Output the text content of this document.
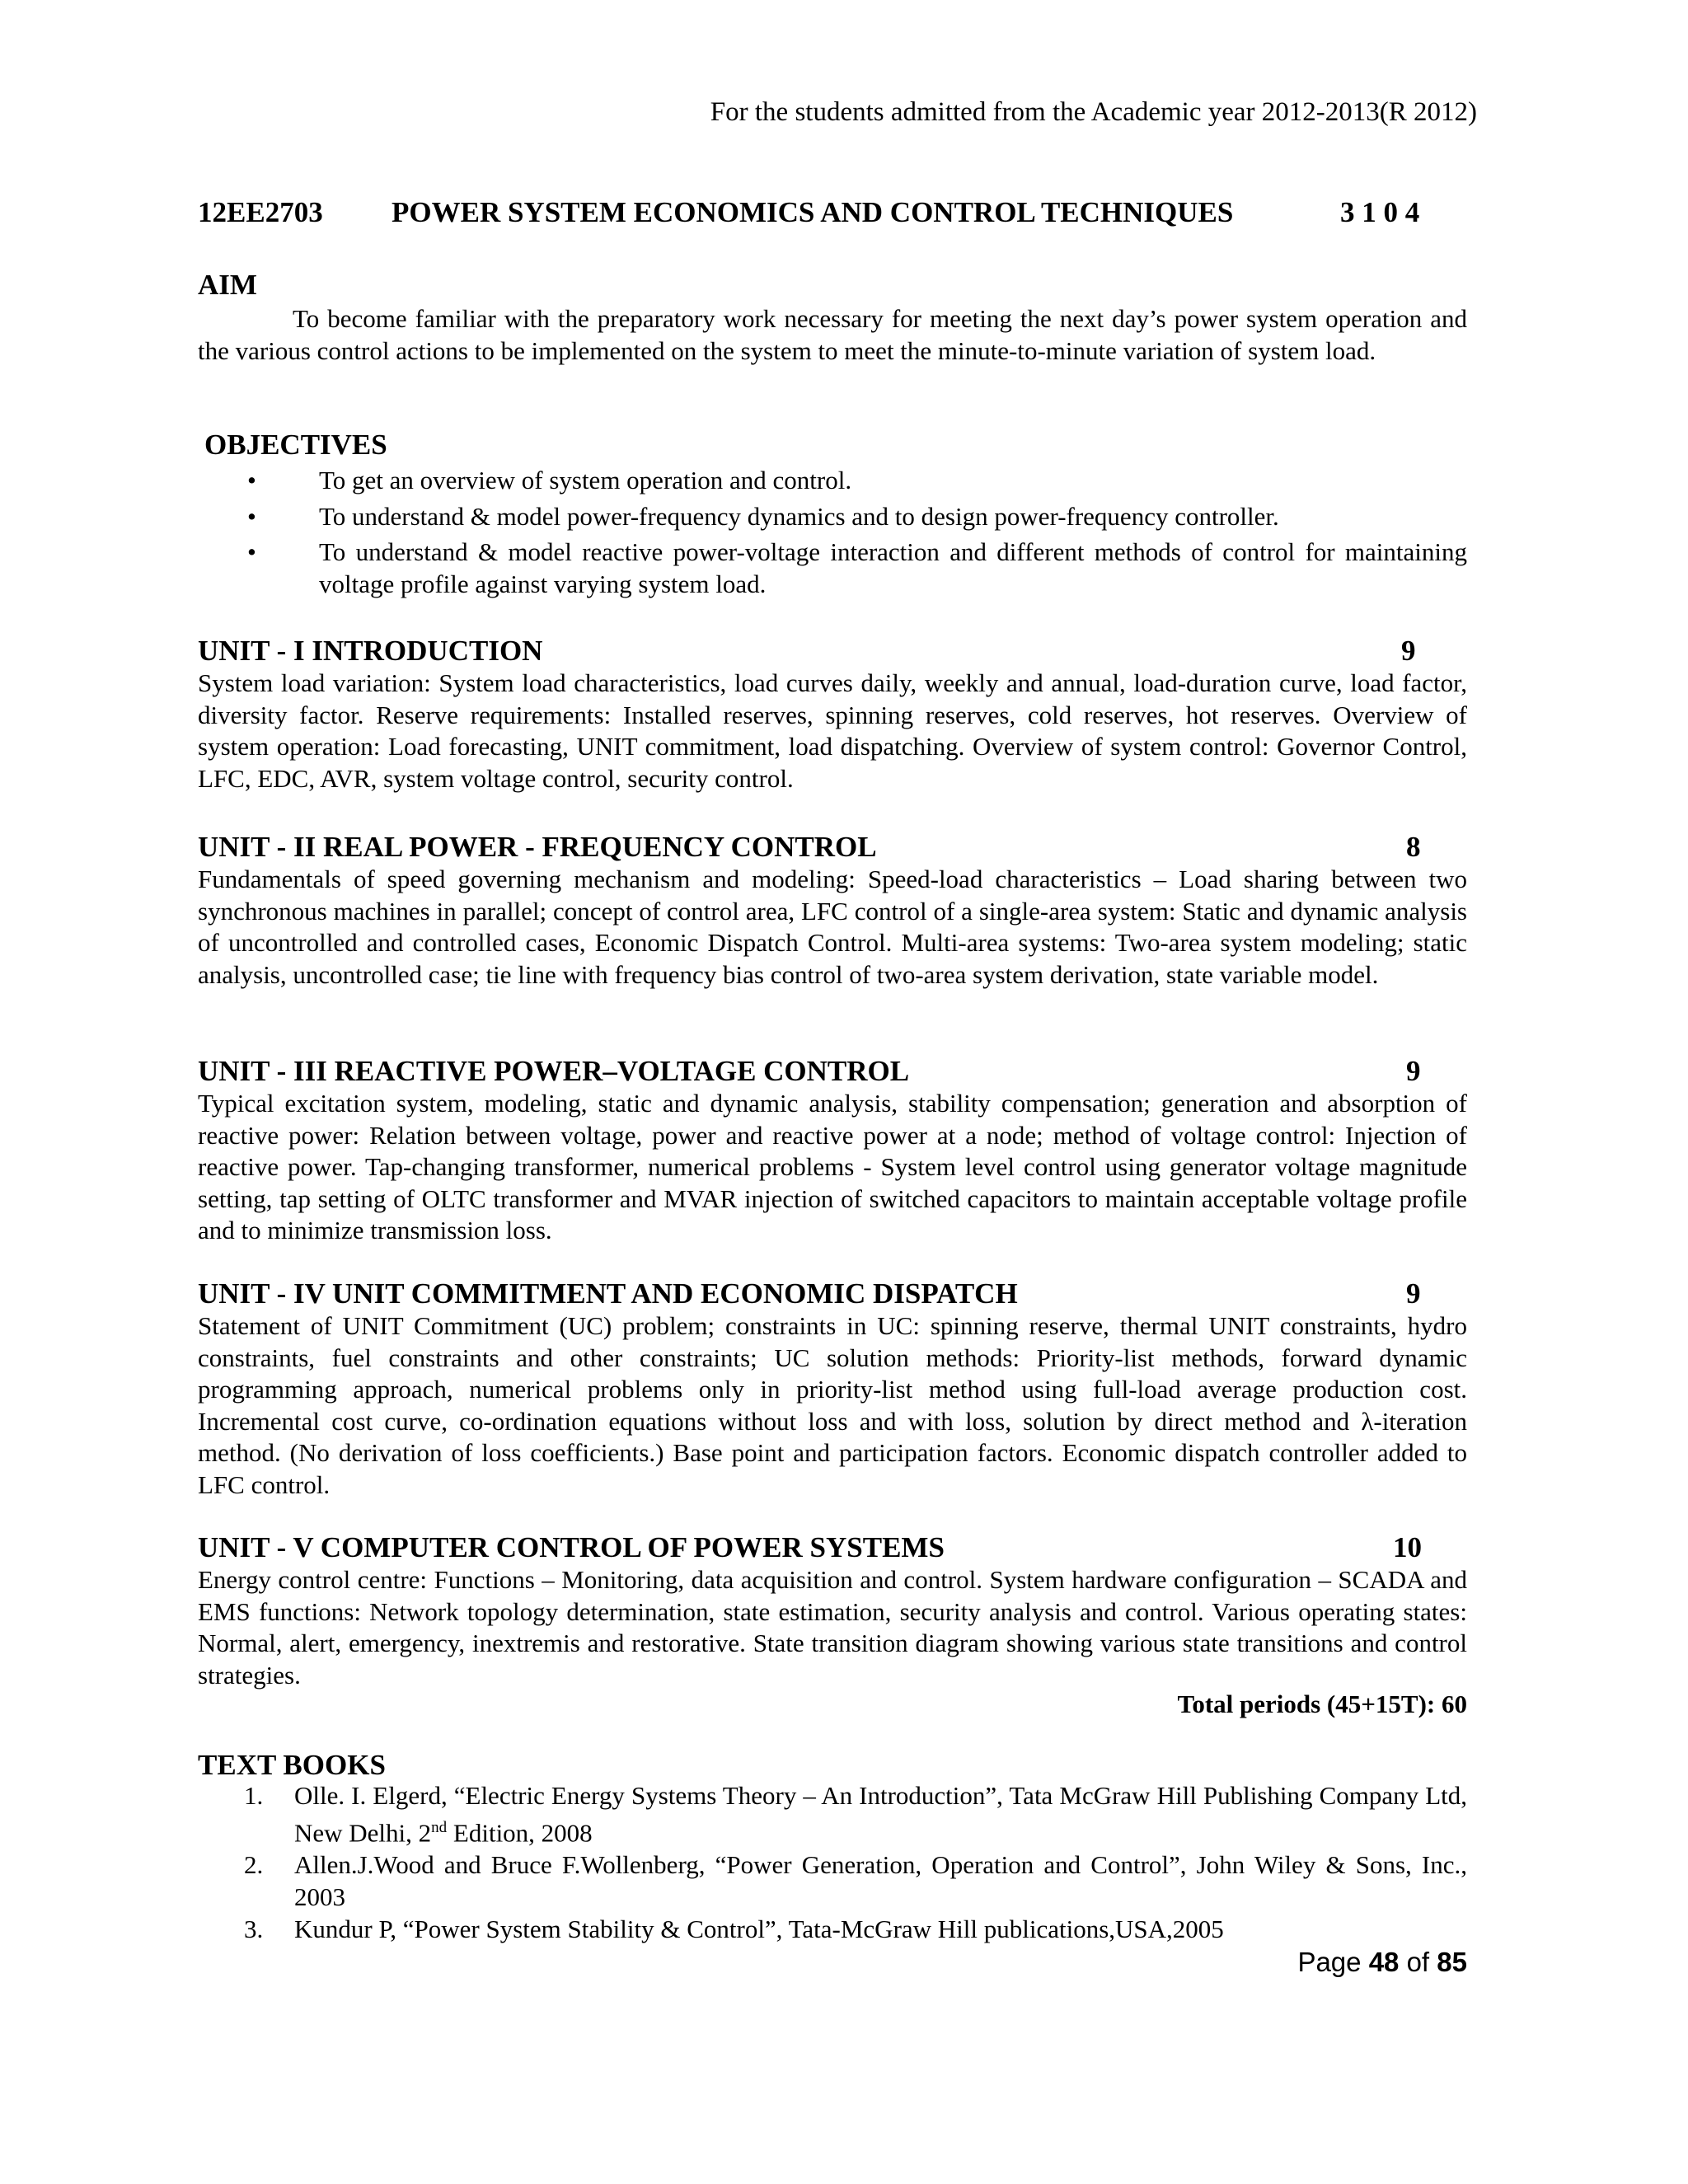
For the students admitted from the Academic year 2012-2013(R 2012)
12EE2703 POWER SYSTEM ECONOMICS AND CONTROL TECHNIQUES	3 1 0 4
AIM
To become familiar with the preparatory work necessary for meeting the next day’s power system operation and the various control actions to be implemented on the system to meet the minute-to-minute variation of system load.
OBJECTIVES
• To get an overview of system operation and control.
• To understand & model power-frequency dynamics and to design power-frequency controller.
• To understand & model reactive power-voltage interaction and different methods of control for maintaining voltage profile against varying system load.
UNIT - I INTRODUCTION	9
System load variation: System load characteristics, load curves daily, weekly and annual, load-duration curve, load factor, diversity factor. Reserve requirements: Installed reserves, spinning reserves, cold reserves, hot reserves. Overview of system operation: Load forecasting, UNIT commitment, load dispatching. Overview of system control: Governor Control, LFC, EDC, AVR, system voltage control, security control.
UNIT - II REAL POWER - FREQUENCY CONTROL	8
Fundamentals of speed governing mechanism and modeling: Speed-load characteristics – Load sharing between two synchronous machines in parallel; concept of control area, LFC control of a single-area system: Static and dynamic analysis of uncontrolled and controlled cases, Economic Dispatch Control. Multi-area systems: Two-area system modeling; static analysis, uncontrolled case; tie line with frequency bias control of two-area system derivation, state variable model.
UNIT - III REACTIVE POWER–VOLTAGE CONTROL	9
Typical excitation system, modeling, static and dynamic analysis, stability compensation; generation and absorption of reactive power: Relation between voltage, power and reactive power at a node; method of voltage control: Injection of reactive power. Tap-changing transformer, numerical problems - System level control using generator voltage magnitude setting, tap setting of OLTC transformer and MVAR injection of switched capacitors to maintain acceptable voltage profile and to minimize transmission loss.
UNIT - IV UNIT COMMITMENT AND ECONOMIC DISPATCH	9
Statement of UNIT Commitment (UC) problem; constraints in UC: spinning reserve, thermal UNIT constraints, hydro constraints, fuel constraints and other constraints; UC solution methods: Priority-list methods, forward dynamic programming approach, numerical problems only in priority-list method using full-load average production cost. Incremental cost curve, co-ordination equations without loss and with loss, solution by direct method and λ-iteration method. (No derivation of loss coefficients.) Base point and participation factors. Economic dispatch controller added to LFC control.
UNIT - V COMPUTER CONTROL OF POWER SYSTEMS	10
Energy control centre: Functions – Monitoring, data acquisition and control. System hardware configuration – SCADA and EMS functions: Network topology determination, state estimation, security analysis and control. Various operating states: Normal, alert, emergency, inextremis and restorative. State transition diagram showing various state transitions and control strategies.
Total periods (45+15T): 60
TEXT BOOKS
1. Olle. I. Elgerd, “Electric Energy Systems Theory – An Introduction”, Tata McGraw Hill Publishing Company Ltd, New Delhi, 2nd Edition, 2008
2. Allen.J.Wood and Bruce F.Wollenberg, “Power Generation, Operation and Control”, John Wiley & Sons, Inc., 2003
3. Kundur P, “Power System Stability & Control”, Tata-McGraw Hill publications,USA,2005
Page 48 of 85
